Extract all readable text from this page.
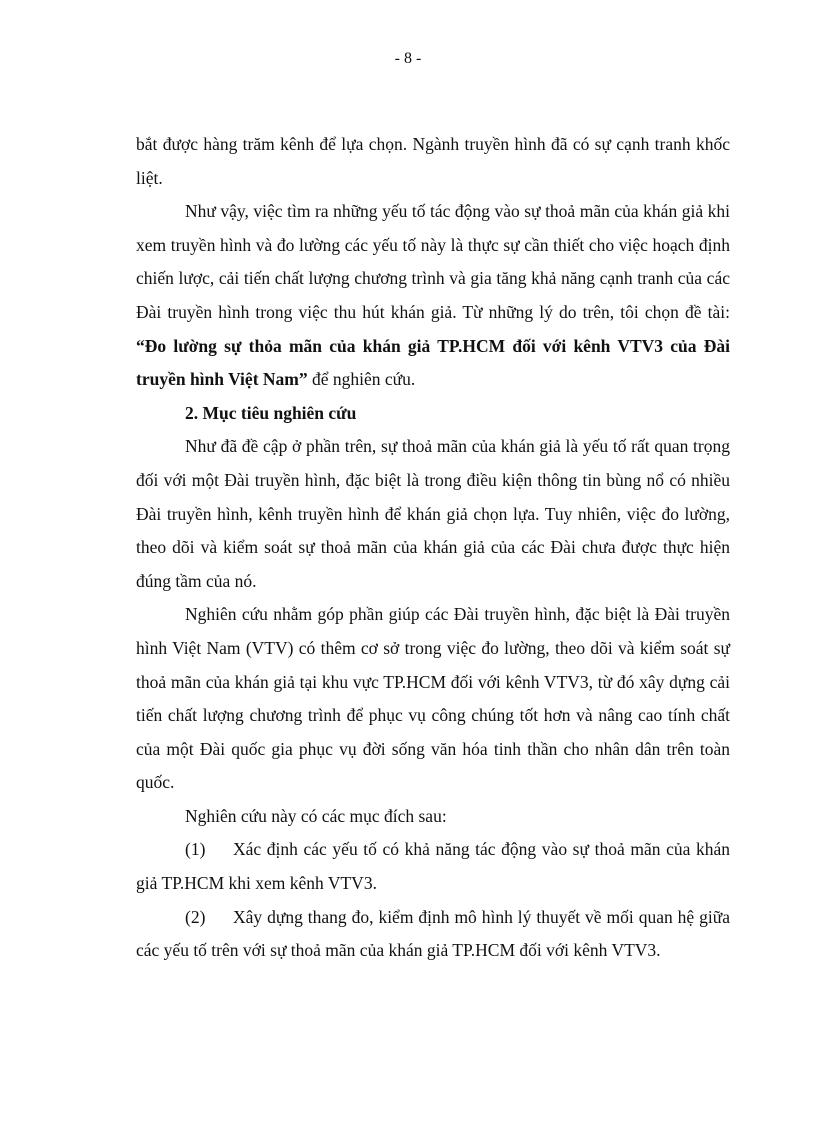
- 8 -

bắt được hàng trăm kênh để lựa chọn. Ngành truyền hình đã có sự cạnh tranh khốc liệt.

Như vậy, việc tìm ra những yếu tố tác động vào sự thoả mãn của khán giả khi xem truyền hình và đo lường các yếu tố này là thực sự cần thiết cho việc hoạch định chiến lược, cải tiến chất lượng chương trình và gia tăng khả năng cạnh tranh của các Đài truyền hình trong việc thu hút khán giả. Từ những lý do trên, tôi chọn đề tài: “Đo lường sự thỏa mãn của khán giả TP.HCM đối với kênh VTV3 của Đài truyền hình Việt Nam” để nghiên cứu.

2. Mục tiêu nghiên cứu

Như đã đề cập ở phần trên, sự thoả mãn của khán giả là yếu tố rất quan trọng đối với một Đài truyền hình, đặc biệt là trong điều kiện thông tin bùng nổ có nhiều Đài truyền hình, kênh truyền hình để khán giả chọn lựa. Tuy nhiên, việc đo lường, theo dõi và kiểm soát sự thoả mãn của khán giả của các Đài chưa được thực hiện đúng tầm của nó.

Nghiên cứu nhằm góp phần giúp các Đài truyền hình, đặc biệt là Đài truyền hình Việt Nam (VTV) có thêm cơ sở trong việc đo lường, theo dõi và kiểm soát sự thoả mãn của khán giả tại khu vực TP.HCM đối với kênh VTV3, từ đó xây dựng cải tiến chất lượng chương trình để phục vụ công chúng tốt hơn và nâng cao tính chất của một Đài quốc gia phục vụ đời sống văn hóa tinh thần cho nhân dân trên toàn quốc.

Nghiên cứu này có các mục đích sau:

(1) Xác định các yếu tố có khả năng tác động vào sự thoả mãn của khán giả TP.HCM khi xem kênh VTV3.

(2) Xây dựng thang đo, kiểm định mô hình lý thuyết về mối quan hệ giữa các yếu tố trên với sự thoả mãn của khán giả TP.HCM đối với kênh VTV3.
